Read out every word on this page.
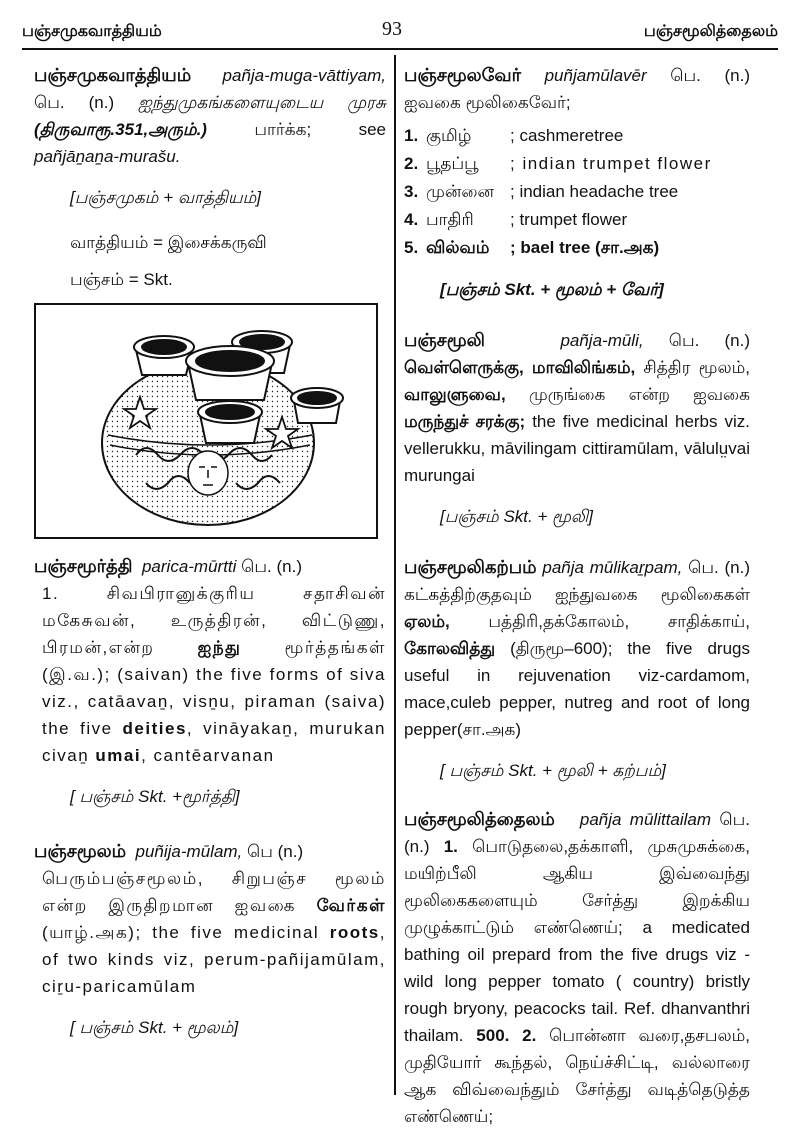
பஞ்சமுகவாத்தியம்	93	பஞ்சமூலித்தைலம்
பஞ்சமுகவாத்தியம் pañja-muga-vāttiyam, பெ. (n.) ஐந்துமுகங்களையுடைய முரசு (திருவாரூ.351,அரும்.)	பார்க்க; see pañjāṉaṉa-murašu.
[பஞ்சமுகம் + வாத்தியம்]
வாத்தியம் = இசைக்கருவி
பஞ்சம் = Skt.
பஞ்சமூர்த்தி parica-mūrtti பெ. (n.)
1. சிவபிரானுக்குரிய சதாசிவன் மகேசுவன், உருத்திரன், விட்டுணு, பிரமன்,என்ற	ஐந்து	மூர்த்தங்கள் (இ.வ.); (saivan) the five forms of siva viz., catāavaṉ, visṉu, piraman (saiva) the five deities, vināyakaṉ, murukan civaṉ umai, cantēarvanan
[ பஞ்சம் Skt. +மூர்த்தி]
பஞ்சமூலம் puñija-mūlam, பெ (n.)
பெரும்பஞ்சமூலம், சிறுபஞ்ச மூலம் என்ற இருதிறமான ஐவகை வேர்கள் (யாழ்.அக); the five medicinal roots, of two kinds viz, perum-pañijamūlam, ciṟu-paricamūlam
[ பஞ்சம் Skt. + மூலம்]
பஞ்சமூலவேர் puñjamūlavēr பெ. (n.) ஐவகை மூலிகைவேர்;
1. குமிழ்	; cashmeretree
2. பூதப்பூ	; indian trumpet flower
3. முன்னை ; indian headache tree
4. பாதிரி	; trumpet flower
5. வில்வம்	; bael tree (சா.அக)
[பஞ்சம் Skt. + மூலம் + வேர்]
பஞ்சமூலி	pañja-mūli, பெ. (n.) வெள்ளெருக்கு, மாவிலிங்கம், சித்திர மூலம், வாலுளுவை, முருங்கை என்ற ஐவகை மருந்துச் சரக்கு; the five medicinal herbs viz. vellerukku, māvilingam cittiramūlam, vālulṳvai murungai
[பஞ்சம் Skt. + மூலி]
பஞ்சமூலிகற்பம் pañja mūlikaṟpam, பெ. (n.) கட்கத்திற்குதவும் ஐந்துவகை மூலிகைகள் ஏலம், பத்திரி,தக்கோலம், சாதிக்காய், கோலவித்து (திருமூ–600); the five drugs useful in rejuvenation viz-cardamom, mace,culeb pepper, nutreg and root of long pepper(சா.அக)
[ பஞ்சம் Skt. + மூலி + கற்பம்]
பஞ்சமூலித்தைலம் pañja mūlittailam பெ. (n.) 1. பொடுதலை,தக்காளி, முசுமுசுக்கை, மயிற்பீலி ஆகிய இவ்வைந்து மூலிகைகளையும் சேர்த்து இறக்கிய முழுக்காட்டும் எண்ணெய்; a medicated bathing oil prepard from the five drugs viz - wild long pepper tomato ( country) bristly rough bryony, peacocks tail. Ref. dhanvanthri thailam. 500. 2. பொன்னா வரை,தசபலம், முதியோர் கூந்தல், நெய்ச்சிட்டி, வல்லாரை ஆக விவ்வைந்தும் சேர்த்து வடித்தெடுத்த எண்ணெய்;
